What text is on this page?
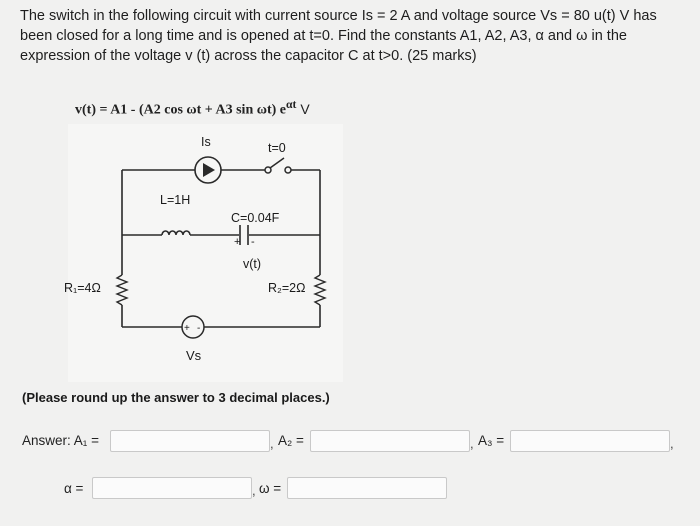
The switch in the following circuit with current source Is = 2 A and voltage source Vs = 80 u(t) V has been closed for a long time and is opened at t=0. Find the constants A1, A2, A3, α and ω in the expression of the voltage v (t) across the capacitor C at t>0. (25 marks)
v(t) = A1 - (A2 cos ωt + A3 sin ωt) $e^{\alpha t}$ V
+ -
Is	t=0
L=1H
C=0.04F
+ -
v(t)
R₁=4Ω	R₂=2Ω
Vs
(Please round up the answer to 3 decimal places.)
Answer: A₁ =	, A₂ =	, A₃ =	,
α =	, ω =
